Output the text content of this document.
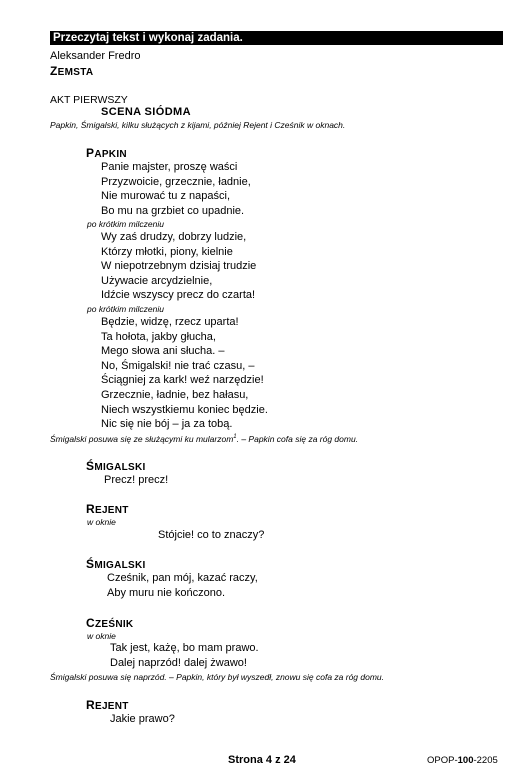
Przeczytaj tekst i wykonaj zadania.
Aleksander Fredro
ZEMSTA
AKT PIERWSZY
SCENA SIÓDMA
Papkin, Śmigalski, kilku służących z kijami, później Rejent i Cześnik w oknach.
PAPKIN
Panie majster, proszę waści
Przyzwoicie, grzecznie, ładnie,
Nie murować tu z napaści,
Bo mu na grzbiet co upadnie.
po krótkim milczeniu
Wy zaś drudzy, dobrzy ludzie,
Którzy młotki, piony, kielnie
W niepotrzebnym dzisiaj trudzie
Używacie arcydzielnie,
Idźcie wszyscy precz do czarta!
po krótkim milczeniu
Będzie, widzę, rzecz uparta!
Ta hołota, jakby głucha,
Mego słowa ani słucha. –
No, Śmigalski! nie trać czasu, –
Ściągniej za kark! weź narzędzie!
Grzecznie, ładnie, bez hałasu,
Niech wszystkiemu koniec będzie.
Nic się nie bój – ja za tobą.
Śmigalski posuwa się ze służącymi ku mularzom$^1$. – Papkin cofa się za róg domu.
ŚMIGALSKI
Precz! precz!
REJENT
w oknie
Stójcie! co to znaczy?
ŚMIGALSKI
Cześnik, pan mój, kazać raczy,
Aby muru nie kończono.
CZEŚNIK
w oknie
Tak jest, każę, bo mam prawo.
Dalej naprzód! dalej żwawo!
Śmigalski posuwa się naprzód. – Papkin, który był wyszedł, znowu się cofa za róg domu.
REJENT
Jakie prawo?
Strona 4 z 24	OPOP-100-2205
